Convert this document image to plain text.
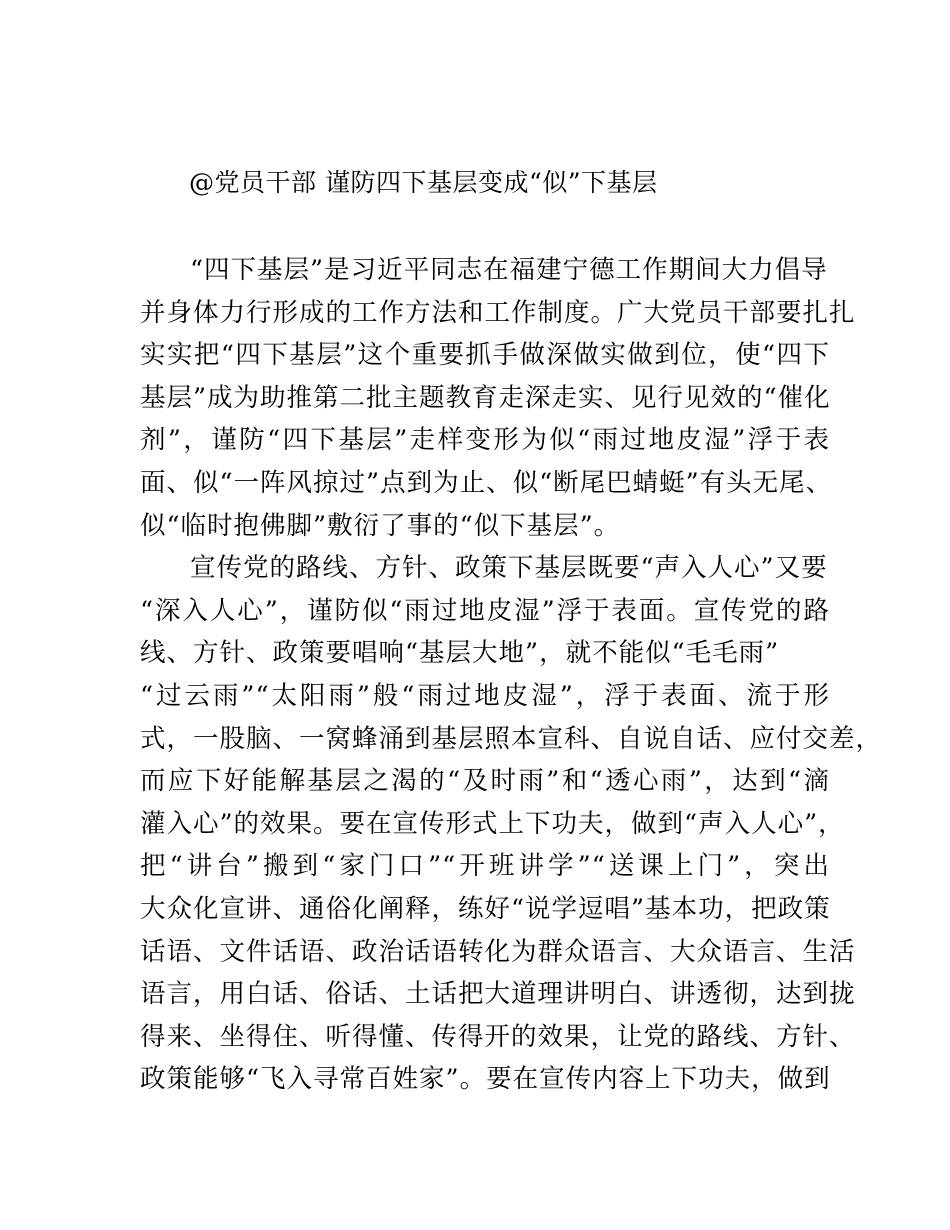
@党员干部 谨防四下基层变成“似”下基层
“四下基层”是习近平同志在福建宁德工作期间大力倡导
并身体力行形成的工作方法和工作制度。广大党员干部要扎扎
实实把“四下基层”这个重要抓手做深做实做到位，使“四下
基层”成为助推第二批主题教育走深走实、见行见效的“催化
剂”，谨防“四下基层”走样变形为似“雨过地皮湿”浮于表
面、似“一阵风掠过”点到为止、似“断尾巴蜻蜓”有头无尾、
似“临时抱佛脚”敷衍了事的“似下基层”。
宣传党的路线、方针、政策下基层既要“声入人心”又要
“深入人心”，谨防似“雨过地皮湿”浮于表面。宣传党的路
线、方针、政策要唱响“基层大地”，就不能似“毛毛雨”
“过云雨”“太阳雨”般“雨过地皮湿”，浮于表面、流于形
式，一股脑、一窝蜂涌到基层照本宣科、自说自话、应付交差，
而应下好能解基层之渴的“及时雨”和“透心雨”，达到“滴
灌入心”的效果。要在宣传形式上下功夫，做到“声入人心”，
把“讲台”搬到“家门口”“开班讲学”“送课上门”，突出
大众化宣讲、通俗化阐释，练好“说学逗唱”基本功，把政策
话语、文件话语、政治话语转化为群众语言、大众语言、生活
语言，用白话、俗话、土话把大道理讲明白、讲透彻，达到拢
得来、坐得住、听得懂、传得开的效果，让党的路线、方针、
政策能够“飞入寻常百姓家”。要在宣传内容上下功夫，做到
